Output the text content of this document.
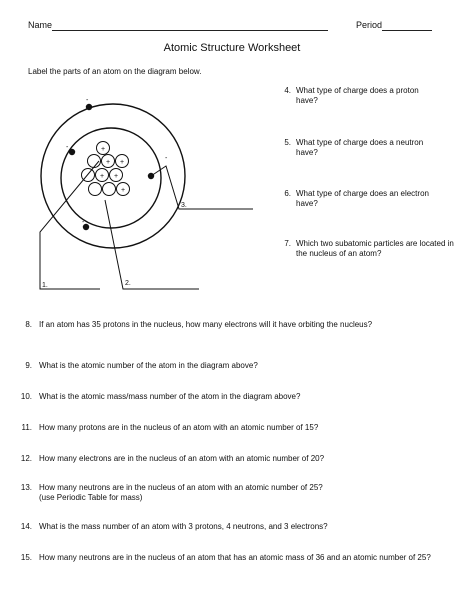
Name	Period
Atomic Structure Worksheet
Label the parts of an atom on the diagram below.
+
+ +
+ +
+
-
-
-
-
1.	2.
3.
4. What type of charge does a proton have?
5. What type of charge does a neutron have?
6. What type of charge does an electron have?
7. Which two subatomic particles are located in the nucleus of an atom?
8. If an atom has 35 protons in the nucleus, how many electrons will it have orbiting the nucleus?
9. What is the atomic number of the atom in the diagram above?
10. What is the atomic mass/mass number of the atom in the diagram above?
11. How many protons are in the nucleus of an atom with an atomic number of 15?
12. How many electrons are in the nucleus of an atom with an atomic number of 20?
13. How many neutrons are in the nucleus of an atom with an atomic number of 25?
(use Periodic Table for mass)
14. What is the mass number of an atom with 3 protons, 4 neutrons, and 3 electrons?
15. How many neutrons are in the nucleus of an atom that has an atomic mass of 36 and an atomic number of 25?
